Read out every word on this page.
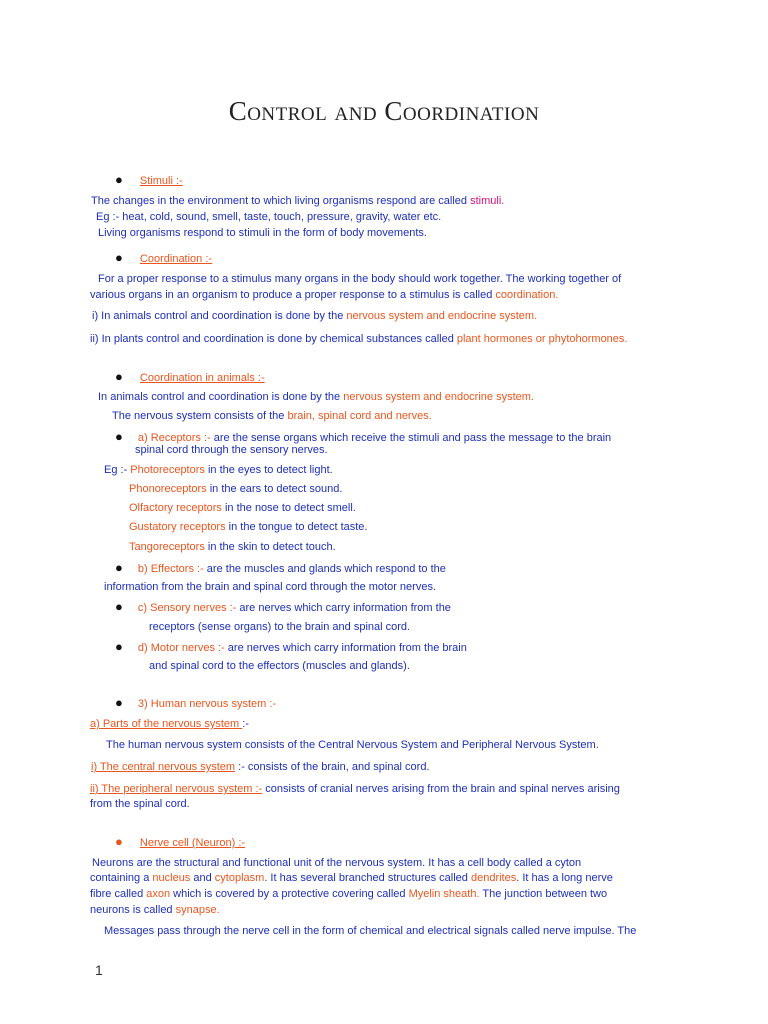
Control and Coordination
● Stimuli :-
The changes in the environment to which living organisms respond are called stimuli.
Eg :- heat, cold, sound, smell, taste, touch, pressure, gravity, water etc.
Living organisms respond to stimuli in the form of body movements.
● Coordination :-
For a proper response to a stimulus many organs in the body should work together. The working together of
various organs in an organism to produce a proper response to a stimulus is called coordination.
i) In animals control and coordination is done by the nervous system and endocrine system.
ii) In plants control and coordination is done by chemical substances called plant hormones or phytohormones.
● Coordination in animals :-
In animals control and coordination is done by the nervous system and endocrine system.
The nervous system consists of the brain, spinal cord and nerves.
● a) Receptors :- are the sense organs which receive the stimuli and pass the message to the brain
spinal cord through the sensory nerves.
Eg :- Photoreceptors in the eyes to detect light.
Phonoreceptors in the ears to detect sound.
Olfactory receptors in the nose to detect smell.
Gustatory receptors in the tongue to detect taste.
Tangoreceptors in the skin to detect touch.
● b) Effectors :- are the muscles and glands which respond to the
information from the brain and spinal cord through the motor nerves.
● c) Sensory nerves :- are nerves which carry information from the
receptors (sense organs) to the brain and spinal cord.
● d) Motor nerves :- are nerves which carry information from the brain
and spinal cord to the effectors (muscles and glands).
● 3) Human nervous system :-
a) Parts of the nervous system :-
The human nervous system consists of the Central Nervous System and Peripheral Nervous System.
i) The central nervous system :- consists of the brain, and spinal cord.
ii) The peripheral nervous system :- consists of cranial nerves arising from the brain and spinal nerves arising
from the spinal cord.
● Nerve cell (Neuron) :-
Neurons are the structural and functional unit of the nervous system. It has a cell body called a cyton
containing a nucleus and cytoplasm. It has several branched structures called dendrites. It has a long nerve
fibre called axon which is covered by a protective covering called Myelin sheath. The junction between two
neurons is called synapse.
Messages pass through the nerve cell in the form of chemical and electrical signals called nerve impulse. The
1
